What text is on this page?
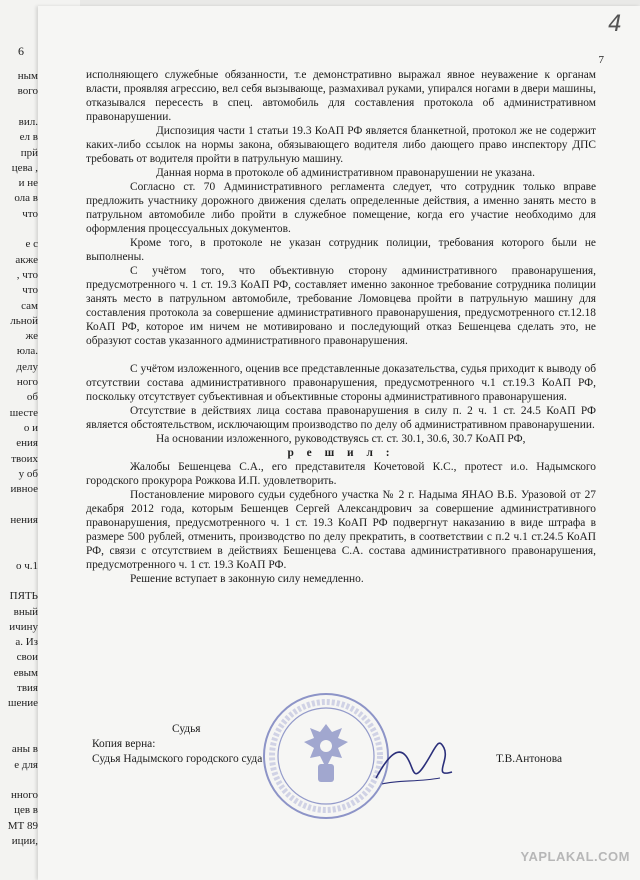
6
ным
вого
вил.
ел в
прй
цева ,
и не
ола в
что
е с
акже
, что
что
сам
льной
же
юла.
делу
ного
об
шесте
о и
ения
твоих
у об
ивное
нения
о ч.1
ПЯТЬ
вный
ичину
а. Из
свои
евым
твия
шение
аны в
е для
нного
цев в
МТ 89
иции,
4
7

исполняющего служебные обязанности, т.е демонстративно выражал явное неуважение к органам власти, проявляя агрессию, вел себя вызывающе, размахивал руками, упирался ногами в двери машины, отказывался пересесть в спец. автомобиль для составления протокола об административном правонарушении.

Диспозиция части 1 статьи 19.3 КоАП РФ является бланкетной, протокол же не содержит каких-либо ссылок на нормы закона, обязывающего водителя либо дающего право инспектору ДПС требовать от водителя пройти в патрульную машину.

Данная норма в протоколе об административном правонарушении не указана.

Согласно ст. 70 Административного регламента следует, что сотрудник только вправе предложить участнику дорожного движения сделать определенные действия, а именно занять место в патрульном автомобиле либо пройти в служебное помещение, когда его участие необходимо для оформления процессуальных документов.

Кроме того, в протоколе не указан сотрудник полиции, требования которого были не выполнены.

С учётом того, что объективную сторону административного правонарушения, предусмотренного ч. 1 ст. 19.3 КоАП РФ, составляет именно законное требование сотрудника полиции занять место в патрульном автомобиле, требование Ломовцева пройти в патрульную машину для составления протокола за совершение административного правонарушения, предусмотренного ст.12.18 КоАП РФ, которое им ничем не мотивировано и последующий отказ Бешенцева сделать это, не образуют состав указанного административного правонарушения.

С учётом изложенного, оценив все представленные доказательства, судья приходит к выводу об отсутствии состава административного правонарушения, предусмотренного ч.1 ст.19.3 КоАП РФ, поскольку отсутствует субъективная и объективные стороны административного правонарушения.

Отсутствие в действиях лица состава правонарушения в силу п. 2 ч. 1 ст. 24.5 КоАП РФ является обстоятельством, исключающим производство по делу об административном правонарушении.

На основании изложенного, руководствуясь ст. ст. 30.1, 30.6, 30.7 КоАП РФ,

р е ш и л :

Жалобы Бешенцева С.А., его представителя Кочетовой К.С., протест и.о. Надымского городского прокурора Рожкова И.П. удовлетворить.

Постановление мирового судьи судебного участка № 2 г. Надыма ЯНАО В.Б. Уразовой от 27 декабря 2012 года, которым Бешенцев Сергей Александрович за совершение административного правонарушения, предусмотренного ч. 1 ст. 19.3 КоАП РФ подвергнут наказанию в виде штрафа в размере 500 рублей, отменить, производство по делу прекратить, в соответствии с п.2 ч.1 ст.24.5 КоАП РФ, связи с отсутствием в действиях Бешенцева С.А. состава административного правонарушения, предусмотренного ч. 1 ст. 19.3 КоАП РФ.

Решение вступает в законную силу немедленно.

Судья
Копия верна:
Судья Надымского городского суда	Т.В.Антонова
YAPLAKAL.COM
